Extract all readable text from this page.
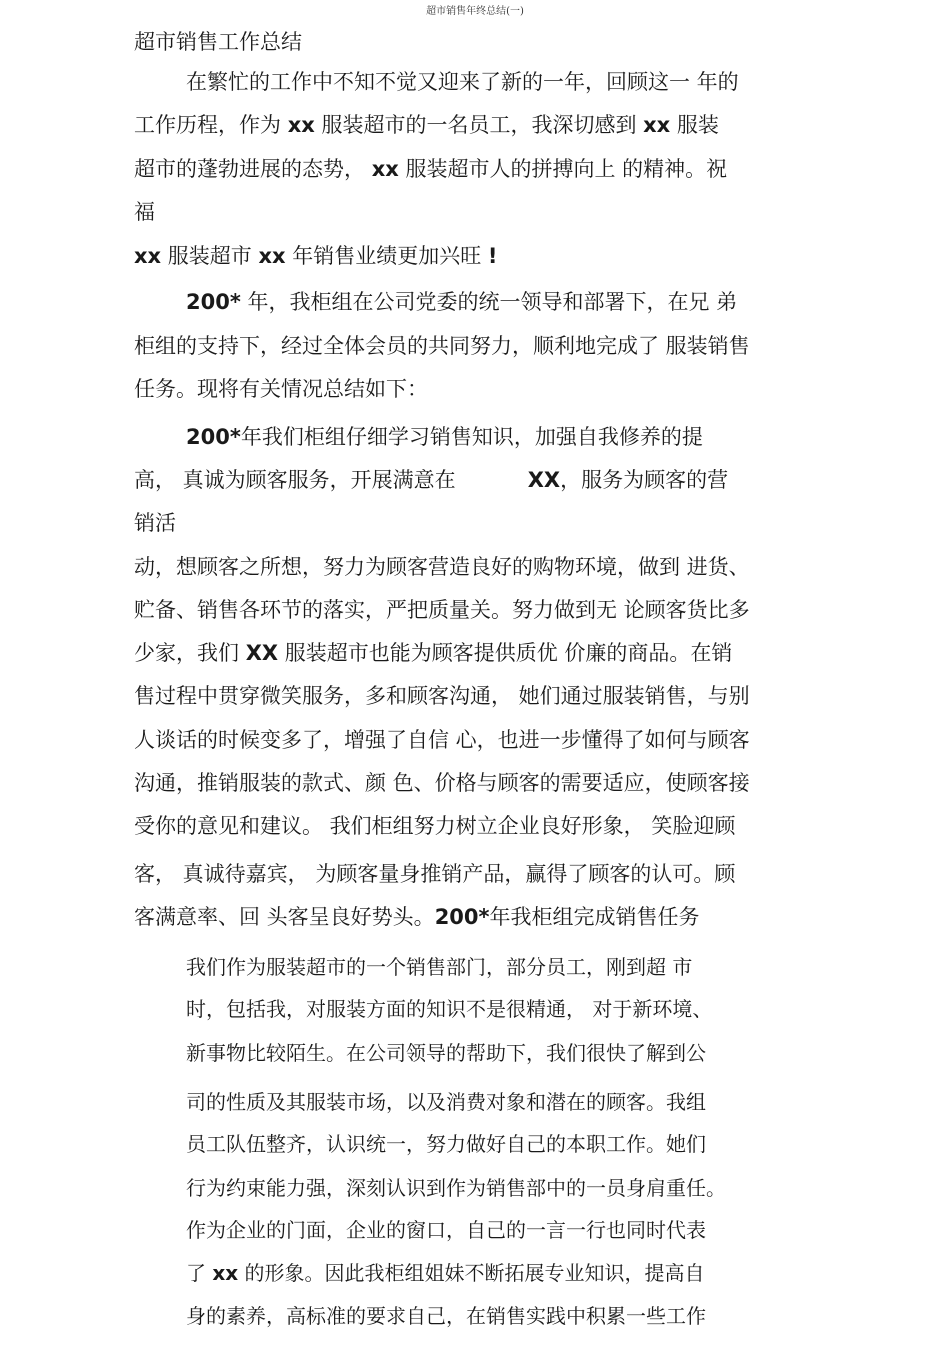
超市销售年终总结(一)
超市销售工作总结
在繁忙的工作中不知不觉又迎来了新的一年，回顾这一 年的
工作历程，作为 xx 服装超市的一名员工，我深切感到 xx 服装
超市的蓬勃进展的态势， xx 服装超市人的拼搏向上 的精神。祝
福
xx 服装超市 xx 年销售业绩更加兴旺 !
200* 年，我柜组在公司党委的统一领导和部署下，在兄 弟
柜组的支持下，经过全体会员的共同努力，顺利地完成了 服装销售
任务。现将有关情况总结如下：
200*年我们柜组仔细学习销售知识，加强自我修养的提
高， 真诚为顾客服务，开展满意在	XX，服务为顾客的营
销活
动，想顾客之所想，努力为顾客营造良好的购物环境，做到 进货、
贮备、销售各环节的落实，严把质量关。努力做到无 论顾客货比多
少家，我们 XX 服装超市也能为顾客提供质优 价廉的商品。在销
售过程中贯穿微笑服务，多和顾客沟通， 她们通过服装销售，与别
人谈话的时候变多了，增强了自信 心，也进一步懂得了如何与顾客
沟通，推销服装的款式、颜 色、价格与顾客的需要适应，使顾客接
受你的意见和建议。 我们柜组努力树立企业良好形象， 笑脸迎顾
客， 真诚待嘉宾， 为顾客量身推销产品，赢得了顾客的认可。顾
客满意率、回 头客呈良好势头。200*年我柜组完成销售任务
我们作为服装超市的一个销售部门，部分员工，刚到超 市
时，包括我，对服装方面的知识不是很精通， 对于新环境、
新事物比较陌生。在公司领导的帮助下，我们很快了解到公
司的性质及其服装市场，以及消费对象和潜在的顾客。我组
员工队伍整齐，认识统一，努力做好自己的本职工作。她们
行为约束能力强，深刻认识到作为销售部中的一员身肩重任。
作为企业的门面，企业的窗口，自己的一言一行也同时代表
了 xx 的形象。因此我柜组姐妹不断拓展专业知识，提高自
身的素养，高标准的要求自己，在销售实践中积累一些工作
